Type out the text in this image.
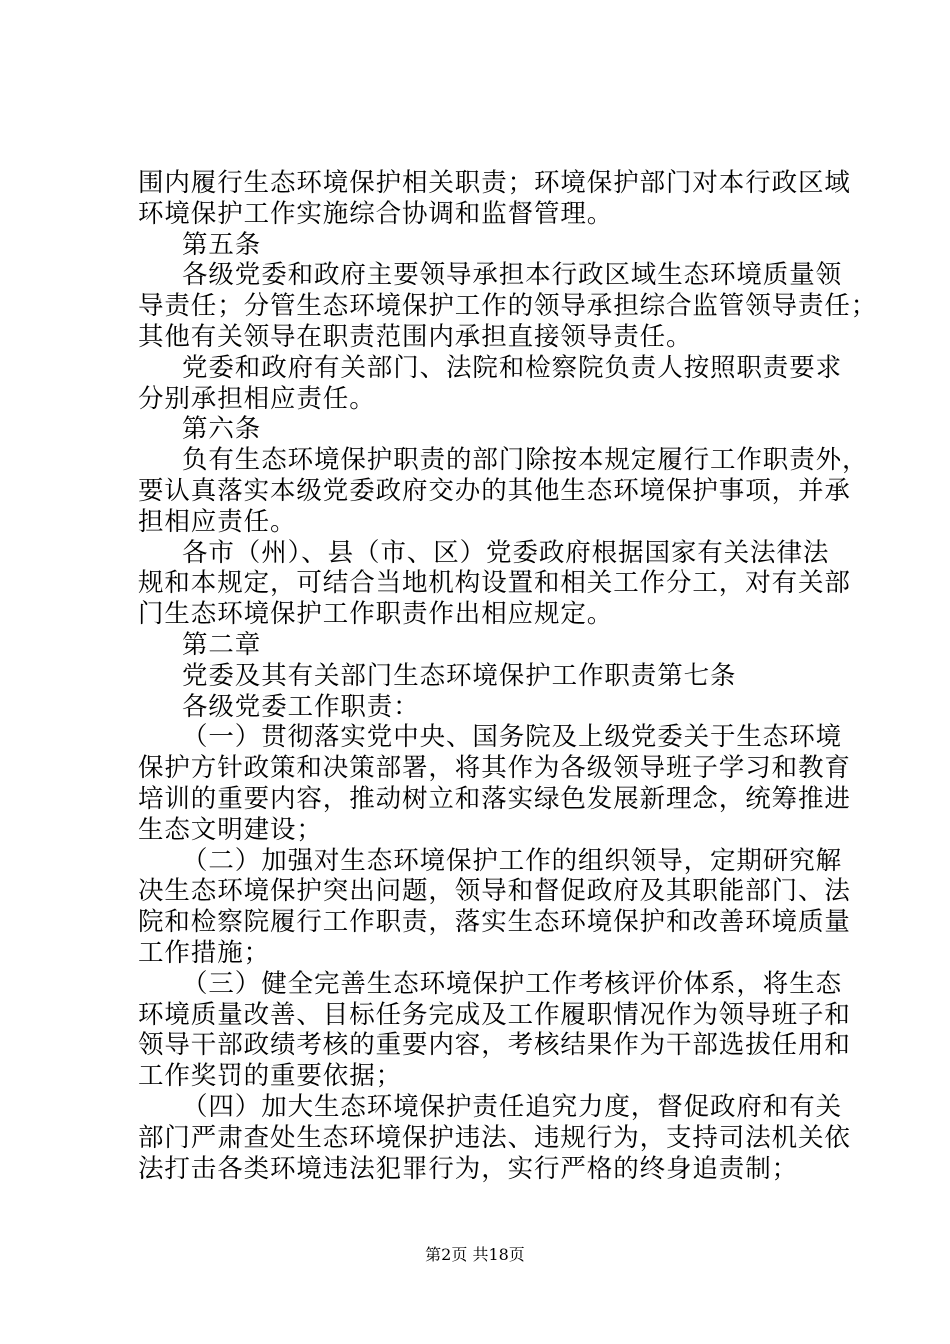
围内履行生态环境保护相关职责；环境保护部门对本行政区域
环境保护工作实施综合协调和监督管理。
第五条
各级党委和政府主要领导承担本行政区域生态环境质量领
导责任；分管生态环境保护工作的领导承担综合监管领导责任；
其他有关领导在职责范围内承担直接领导责任。
党委和政府有关部门、法院和检察院负责人按照职责要求
分别承担相应责任。
第六条
负有生态环境保护职责的部门除按本规定履行工作职责外，
要认真落实本级党委政府交办的其他生态环境保护事项，并承
担相应责任。
各市（州）、县（市、区）党委政府根据国家有关法律法
规和本规定，可结合当地机构设置和相关工作分工，对有关部
门生态环境保护工作职责作出相应规定。
第二章
党委及其有关部门生态环境保护工作职责第七条
各级党委工作职责：
（一）贯彻落实党中央、国务院及上级党委关于生态环境
保护方针政策和决策部署，将其作为各级领导班子学习和教育
培训的重要内容，推动树立和落实绿色发展新理念，统筹推进
生态文明建设；
（二）加强对生态环境保护工作的组织领导，定期研究解
决生态环境保护突出问题，领导和督促政府及其职能部门、法
院和检察院履行工作职责，落实生态环境保护和改善环境质量
工作措施；
（三）健全完善生态环境保护工作考核评价体系，将生态
环境质量改善、目标任务完成及工作履职情况作为领导班子和
领导干部政绩考核的重要内容，考核结果作为干部选拔任用和
工作奖罚的重要依据；
（四）加大生态环境保护责任追究力度，督促政府和有关
部门严肃查处生态环境保护违法、违规行为，支持司法机关依
法打击各类环境违法犯罪行为，实行严格的终身追责制；
第2页 共18页
